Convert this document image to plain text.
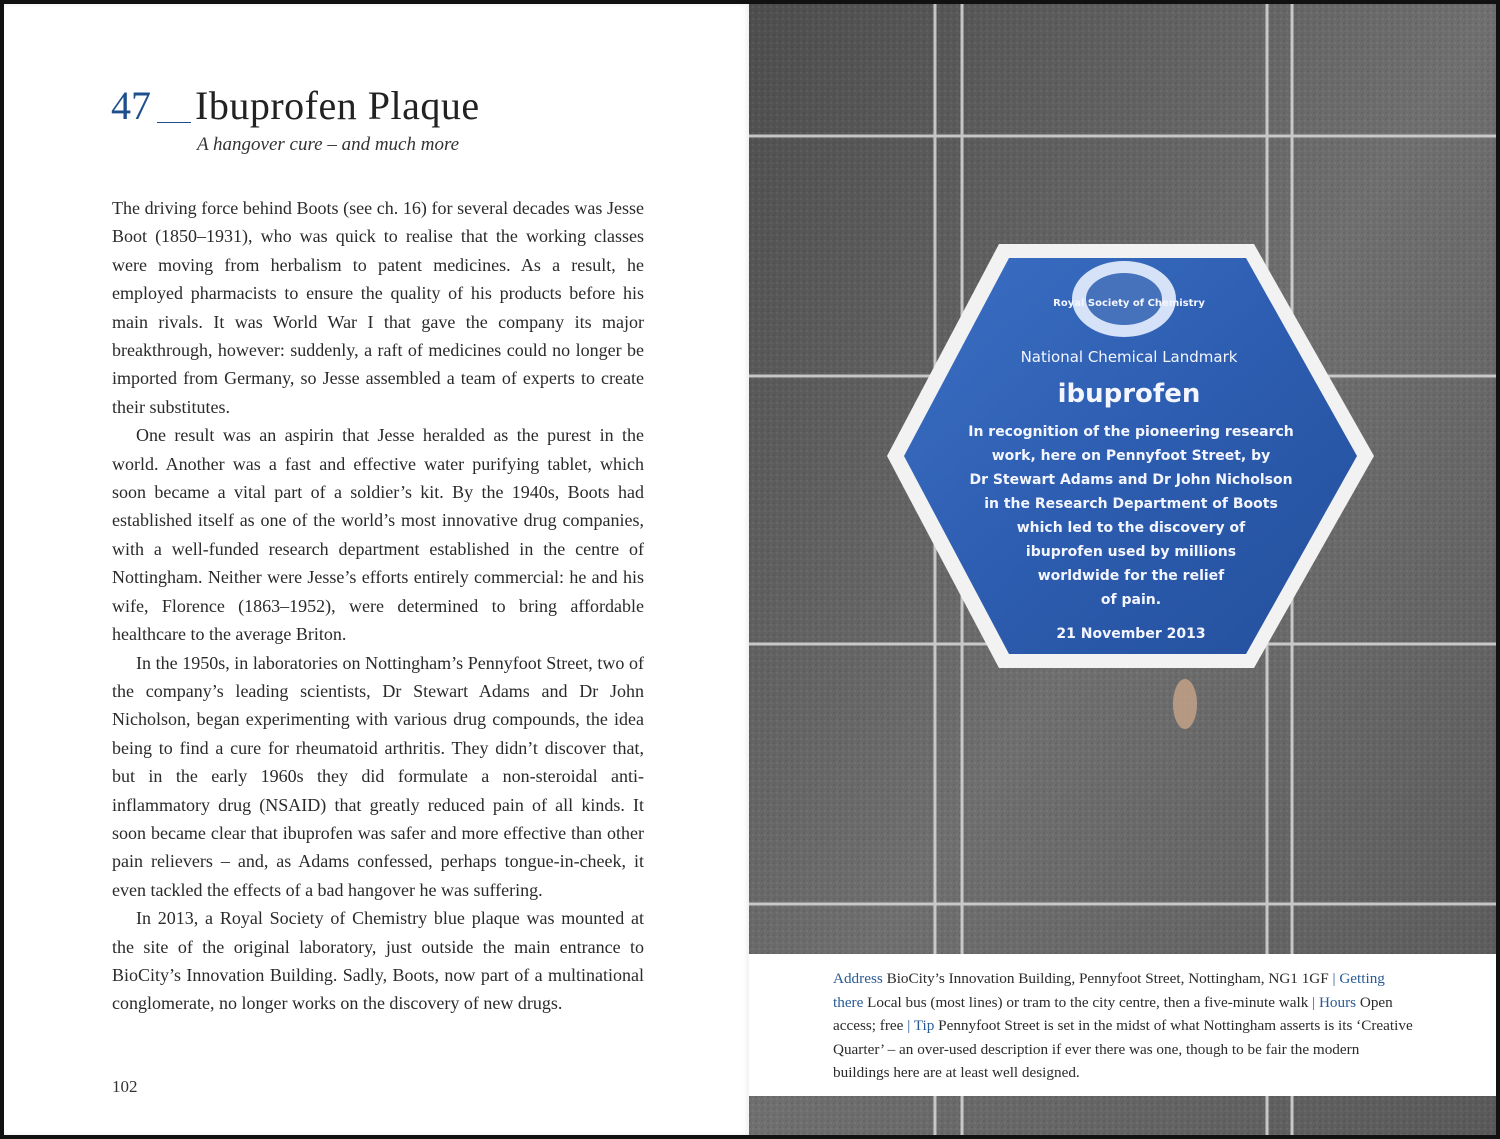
47 Ibuprofen Plaque
A hangover cure – and much more

The driving force behind Boots (see ch. 16) for several decades was Jesse Boot (1850–1931), who was quick to realise that the working classes were moving from herbalism to patent medicines. As a result, he employed pharmacists to ensure the quality of his products before his main rivals. It was World War I that gave the company its major breakthrough, however: suddenly, a raft of medicines could no longer be imported from Germany, so Jesse assembled a team of experts to create their substitutes.

One result was an aspirin that Jesse heralded as the purest in the world. Another was a fast and effective water purifying tablet, which soon became a vital part of a soldier’s kit. By the 1940s, Boots had established itself as one of the world’s most innovative drug companies, with a well-funded research department established in the centre of Nottingham. Neither were Jesse’s efforts entirely commercial: he and his wife, Florence (1863–1952), were determined to bring affordable healthcare to the average Briton.

In the 1950s, in laboratories on Nottingham’s Pennyfoot Street, two of the company’s leading scientists, Dr Stewart Adams and Dr John Nicholson, began experimenting with various drug compounds, the idea being to find a cure for rheumatoid arthritis. They didn’t discover that, but in the early 1960s they did formulate a non-steroidal anti-inflammatory drug (NSAID) that greatly reduced pain of all kinds. It soon became clear that ibuprofen was safer and more effective than other pain relievers – and, as Adams confessed, perhaps tongue-in-cheek, it even tackled the effects of a bad hangover he was suffering.

In 2013, a Royal Society of Chemistry blue plaque was mounted at the site of the original laboratory, just outside the main entrance to BioCity’s Innovation Building. Sadly, Boots, now part of a multinational conglomerate, no longer works on the discovery of new drugs.

102
Royal Society of Chemistry
National Chemical Landmark
ibuprofen
In recognition of the pioneering research
work, here on Pennyfoot Street, by
Dr Stewart Adams and Dr John Nicholson
in the Research Department of Boots
which led to the discovery of
ibuprofen used by millions
worldwide for the relief
of pain.
21 November 2013
Address BioCity’s Innovation Building, Pennyfoot Street, Nottingham, NG1 1GF | Getting there Local bus (most lines) or tram to the city centre, then a five-minute walk | Hours Open access; free | Tip Pennyfoot Street is set in the midst of what Nottingham asserts is its ‘Creative Quarter’ – an over-used description if ever there was one, though to be fair the modern buildings here are at least well designed.
